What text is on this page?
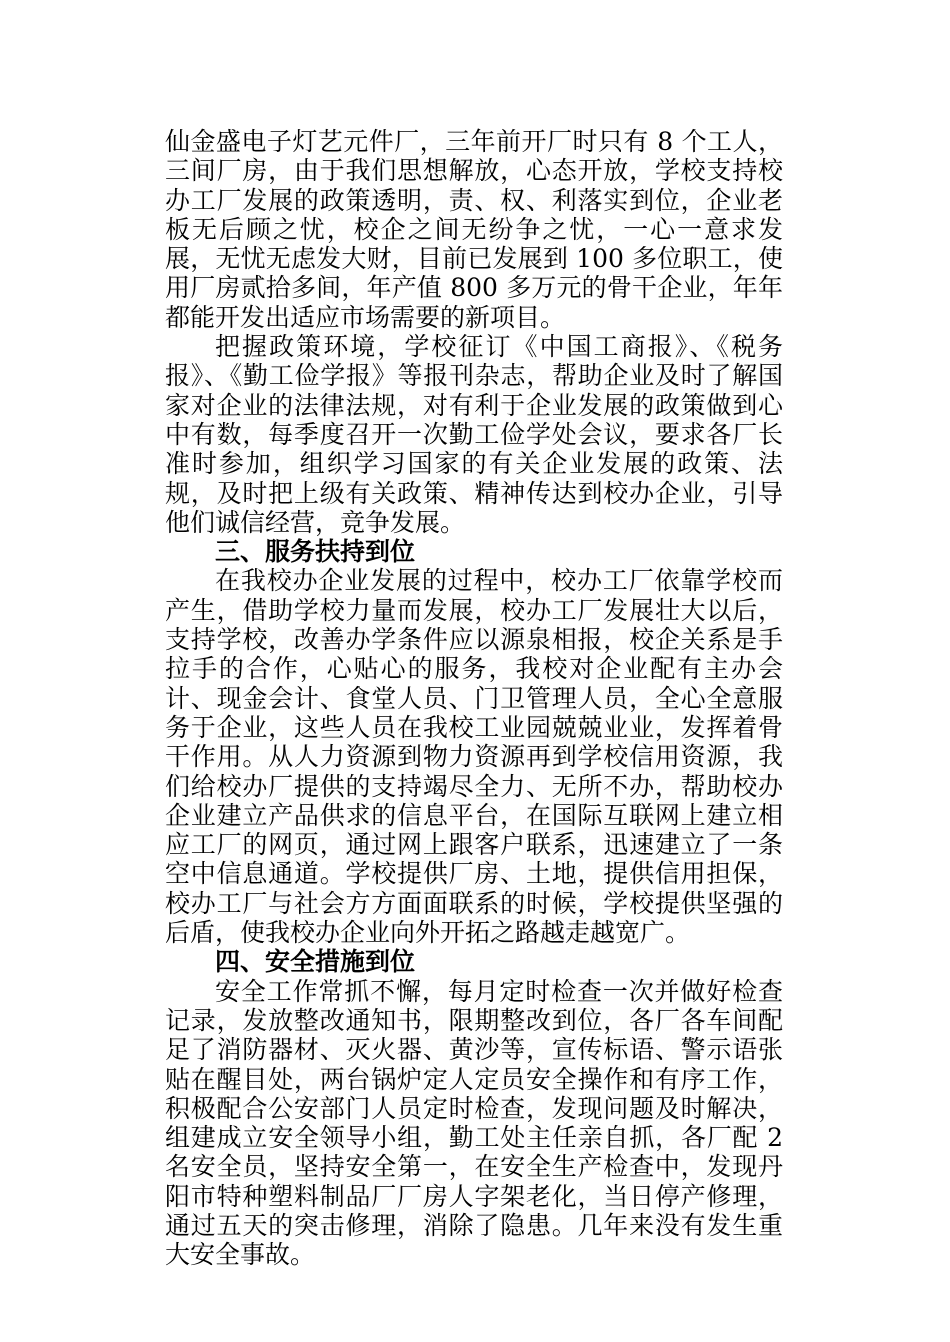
仙金盛电子灯艺元件厂，三年前开厂时只有 8 个工人，三间厂房，由于我们思想解放，心态开放，学校支持校办工厂发展的政策透明，责、权、利落实到位，企业老板无后顾之忧，校企之间无纷争之忧，一心一意求发展，无忧无虑发大财，目前已发展到 100 多位职工，使用厂房贰拾多间，年产值 800 多万元的骨干企业，年年都能开发出适应市场需要的新项目。

把握政策环境，学校征订《中国工商报》、《税务报》、《勤工俭学报》等报刊杂志，帮助企业及时了解国家对企业的法律法规，对有利于企业发展的政策做到心中有数，每季度召开一次勤工俭学处会议，要求各厂长准时参加，组织学习国家的有关企业发展的政策、法规，及时把上级有关政策、精神传达到校办企业，引导他们诚信经营，竞争发展。

三、服务扶持到位

在我校办企业发展的过程中，校办工厂依靠学校而产生，借助学校力量而发展，校办工厂发展壮大以后，支持学校，改善办学条件应以源泉相报，校企关系是手拉手的合作，心贴心的服务，我校对企业配有主办会计、现金会计、食堂人员、门卫管理人员，全心全意服务于企业，这些人员在我校工业园兢兢业业，发挥着骨干作用。从人力资源到物力资源再到学校信用资源，我们给校办厂提供的支持竭尽全力、无所不办，帮助校办企业建立产品供求的信息平台，在国际互联网上建立相应工厂的网页，通过网上跟客户联系，迅速建立了一条空中信息通道。学校提供厂房、土地，提供信用担保，校办工厂与社会方方面面联系的时候，学校提供坚强的后盾，使我校办企业向外开拓之路越走越宽广。

四、安全措施到位

安全工作常抓不懈，每月定时检查一次并做好检查记录，发放整改通知书，限期整改到位，各厂各车间配足了消防器材、灭火器、黄沙等，宣传标语、警示语张贴在醒目处，两台锅炉定人定员安全操作和有序工作，积极配合公安部门人员定时检查，发现问题及时解决，组建成立安全领导小组，勤工处主任亲自抓，各厂配 2 名安全员，坚持安全第一，在安全生产检查中，发现丹阳市特种塑料制品厂厂房人字架老化，当日停产修理，通过五天的突击修理，消除了隐患。几年来没有发生重大安全事故。
